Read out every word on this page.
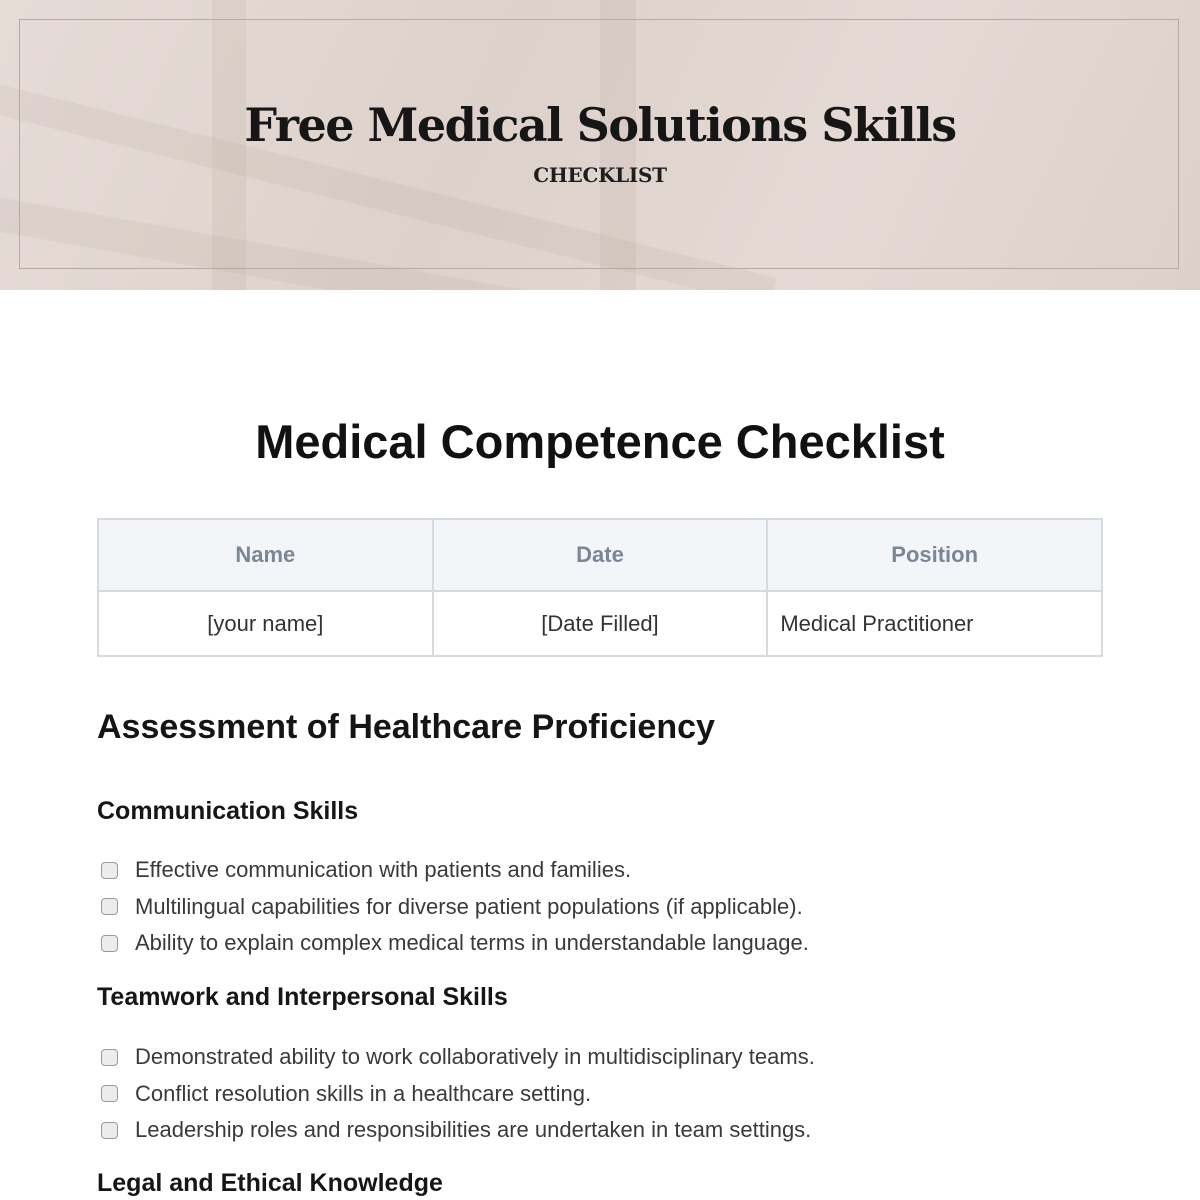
Free Medical Solutions Skills
CHECKLIST
Medical Competence Checklist
Name	Date	Position
[your name]	[Date Filled]	Medical Practitioner
Assessment of Healthcare Proficiency
Communication Skills
Effective communication with patients and families.
Multilingual capabilities for diverse patient populations (if applicable).
Ability to explain complex medical terms in understandable language.
Teamwork and Interpersonal Skills
Demonstrated ability to work collaboratively in multidisciplinary teams.
Conflict resolution skills in a healthcare setting.
Leadership roles and responsibilities are undertaken in team settings.
Legal and Ethical Knowledge
